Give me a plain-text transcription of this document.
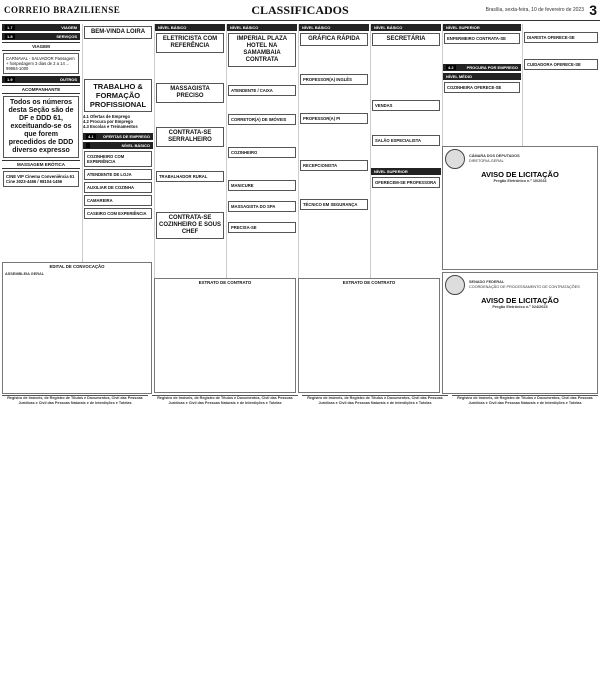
CORREIO BRAZILIENSE	CLASSIFICADOS	Brasília, sexta-feira, 10 de fevereiro de 2023 3
1.7	VIAGEM
1.8	SERVIÇOS
VIAGEM
CARNAVAL - SALVADOR Passagem + hospedagem 3 dias de 2 a 14 ... 99984-1000
1.9	OUTROS
ACOMPANHANTE
Todos os números desta Seção são de DF e DDD 61, exceituando-se os que forem precedidos de DDD diverso expresso
MASSAGEM ERÓTICA
CINE VIP Cinema Conveniência 61 Cine 3023-4466 / 98104-1456
BEM-VINDA LOIRA
TRABALHO & FORMAÇÃO PROFISSIONAL
4.1 Ofertas de Emprego
4.2 Procura por Emprego
4.3 Escolas e Treinamentos
4.1	OFERTAS DE EMPREGO
NÍVEL BÁSICO
COZINHEIRO COM EXPERIÊNCIA
ATENDENTE DE LOJA
AUXILIAR DE COZINHA
CAMAREIRA
CASEIRO COM EXPERIÊNCIA
NÍVEL BÁSICO
ELETRICISTA COM REFERÊNCIA
MASSAGISTA PRECISO
CONTRATA-SE SERRALHEIRO
TRABALHADOR RURAL
CONTRATA-SE COZINHEIRO E SOUS CHEF
NÍVEL BÁSICO
IMPERIAL PLAZA HOTEL NA SAMAMBAIA CONTRATA
ATENDENTE / CAIXA
CORRETOR(A) DE IMÓVEIS
COZINHEIRO
MANICURE
MASSAGISTA DO SPA
PRECISA-SE
NÍVEL BÁSICO
GRÁFICA RÁPIDA
PROFESSOR(A) INGLÊS
PROFESSOR(A) PI
RECEPCIONISTA
TÉCNICO EM SEGURANÇA
NÍVEL BÁSICO
SECRETÁRIA
VENDAS
SALÃO ESPECIALISTA
NÍVEL SUPERIOR
OFERECEM-SE PROFESSORA
NÍVEL SUPERIOR
ENFERMEIRO CONTRATA-SE
4.2	PROCURA POR EMPREGO
NÍVEL MÉDIO
COZINHEIRA OFERECE-SE
DIARISTA OFERECE-SE
CUIDADORA OFERECE-SE
EDITAL DE CONVOCAÇÃO
ASSEMBLEIA GERAL
EXTRATO DE CONTRATO	EXTRATO DE CONTRATO
CÂMARA DOS DEPUTADOS
DIRETORIA-GERAL
AVISO DE LICITAÇÃO
Pregão Eletrônico n.º 10/2023
SENADO FEDERAL
COORDENAÇÃO DE PROCESSAMENTO DE CONTRATAÇÕES
AVISO DE LICITAÇÃO
Pregão Eletrônico n.º 024/2023
Registro de Imóveis, de Registro de Títulos e Documentos, Civil das Pessoas Jurídicas e Civil das Pessoas Naturais e de Interdições e Tutelas
Registro de Imóveis, de Registro de Títulos e Documentos, Civil das Pessoas Jurídicas e Civil das Pessoas Naturais e de Interdições e Tutelas
Registro de Imóveis, de Registro de Títulos e Documentos, Civil das Pessoas Jurídicas e Civil das Pessoas Naturais e de Interdições e Tutelas
Registro de Imóveis, de Registro de Títulos e Documentos, Civil das Pessoas Jurídicas e Civil das Pessoas Naturais e de Interdições e Tutelas
